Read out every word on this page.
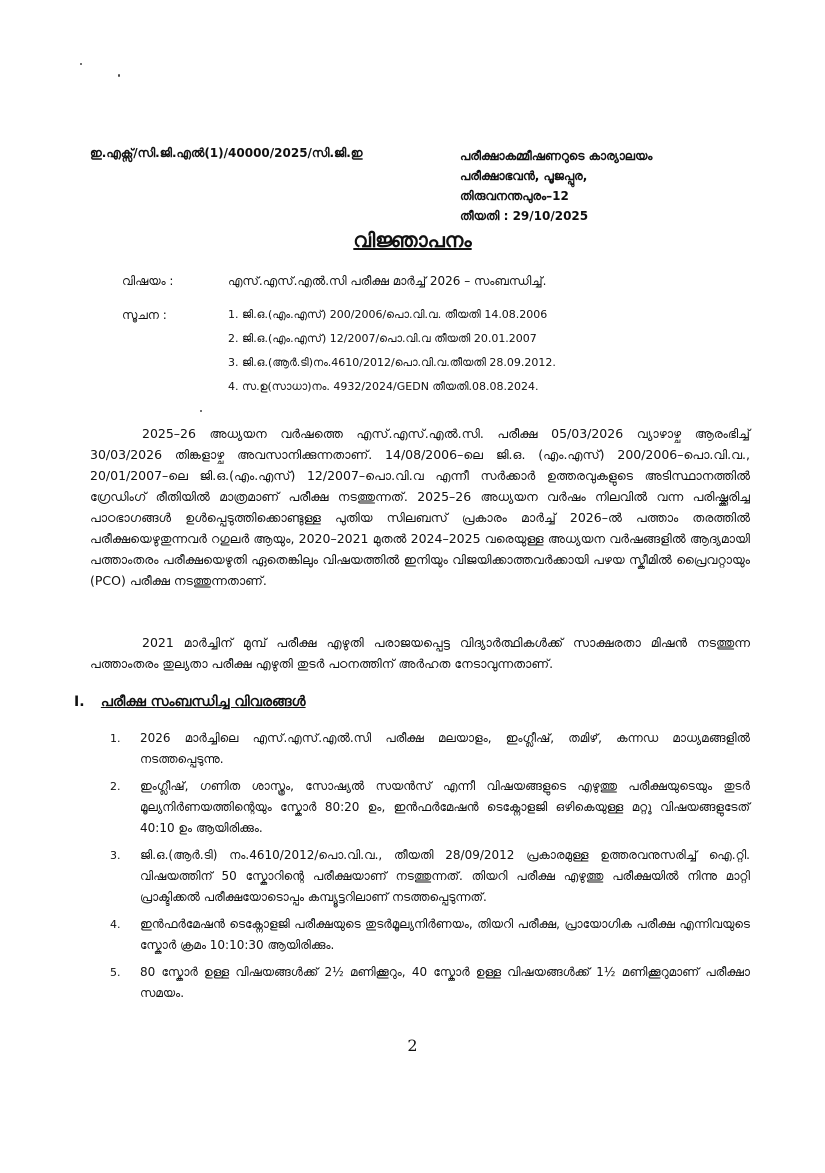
ഇ.എക്സ്/സി.ജി.എൽ(1)/40000/2025/സി.ജി.ഇ	പരീക്ഷാകമ്മീഷണറുടെ കാര്യാലയം
പരീക്ഷാഭവൻ, പൂജപ്പുര,
തിരുവനന്തപുരം–12
തീയതി : 29/10/2025
വിജ്ഞാപനം
വിഷയം :	എസ്.എസ്.എൽ.സി പരീക്ഷ മാർച്ച് 2026 – സംബന്ധിച്ച്.
സൂചന :	1. ജി.ഒ.(എം.എസ്) 200/2006/പൊ.വി.വ. തീയതി 14.08.2006
2. ജി.ഒ.(എം.എസ്) 12/2007/പൊ.വി.വ തീയതി 20.01.2007
3. ജി.ഒ.(ആർ.ടി)നം.4610/2012/പൊ.വി.വ.തീയതി 28.09.2012.
4. സ.ഉ(സാധാ)നം. 4932/2024/GEDN തീയതി.08.08.2024.

2025–26 അധ്യയന വർഷത്തെ എസ്.എസ്.എൽ.സി. പരീക്ഷ 05/03/2026 വ്യാഴാഴ്ച ആരംഭിച്ച് 30/03/2026 തിങ്കളാഴ്ച അവസാനിക്കുന്നതാണ്. 14/08/2006–ലെ ജി.ഒ. (എം.എസ്) 200/2006–പൊ.വി.വ., 20/01/2007–ലെ ജി.ഒ.(എം.എസ്) 12/2007–പൊ.വി.വ എന്നീ സർക്കാർ ഉത്തരവുകളുടെ അടിസ്ഥാനത്തിൽ ഗ്രേഡിംഗ് രീതിയിൽ മാത്രമാണ് പരീക്ഷ നടത്തുന്നത്. 2025–26 അധ്യയന വർഷം നിലവിൽ വന്ന പരിഷ്ക്കരിച്ച പാഠഭാഗങ്ങൾ ഉൾപ്പെടുത്തിക്കൊണ്ടുള്ള പുതിയ സിലബസ് പ്രകാരം മാർച്ച് 2026–ൽ പത്താം തരത്തിൽ പരീക്ഷയെഴുതുന്നവർ റഗുലർ ആയും, 2020–2021 മുതൽ 2024–2025 വരെയുള്ള അധ്യയന വർഷങ്ങളിൽ ആദ്യമായി പത്താംതരം പരീക്ഷയെഴുതി ഏതെങ്കിലും വിഷയത്തിൽ ഇനിയും വിജയിക്കാത്തവർക്കായി പഴയ സ്കീമിൽ പ്രൈവറ്റായും (PCO) പരീക്ഷ നടത്തുന്നതാണ്.

2021 മാർച്ചിന് മുമ്പ് പരീക്ഷ എഴുതി പരാജയപ്പെട്ട വിദ്യാർത്ഥികൾക്ക് സാക്ഷരതാ മിഷൻ നടത്തുന്ന പത്താംതരം തുല്യതാ പരീക്ഷ എഴുതി തുടർ പഠനത്തിന് അർഹത നേടാവുന്നതാണ്.

I. പരീക്ഷ സംബന്ധിച്ച വിവരങ്ങൾ
1.	2026 മാർച്ചിലെ എസ്.എസ്.എൽ.സി പരീക്ഷ മലയാളം, ഇംഗ്ലീഷ്, തമിഴ്, കന്നഡ മാധ്യമങ്ങളിൽ നടത്തപ്പെടുന്നു.
2.	ഇംഗ്ലീഷ്, ഗണിത ശാസ്ത്രം, സോഷ്യൽ സയൻസ് എന്നീ വിഷയങ്ങളുടെ എഴുത്തു പരീക്ഷയുടെയും തുടർ മൂല്യനിർണയത്തിന്റെയും സ്കോർ 80:20 ഉം, ഇൻഫർമേഷൻ ടെക്നോളജി ഒഴികെയുള്ള മറ്റു വിഷയങ്ങളുടേത് 40:10 ഉം ആയിരിക്കും.
3.	ജി.ഒ.(ആർ.ടി) നം.4610/2012/പൊ.വി.വ., തീയതി 28/09/2012 പ്രകാരമുള്ള ഉത്തരവനുസരിച്ച് ഐ.റ്റി. വിഷയത്തിന് 50 സ്കോറിന്റെ പരീക്ഷയാണ് നടത്തുന്നത്. തിയറി പരീക്ഷ എഴുത്തു പരീക്ഷയിൽ നിന്നു മാറ്റി പ്രാക്ടിക്കൽ പരീക്ഷയോടൊപ്പം കമ്പ്യൂട്ടറിലാണ് നടത്തപ്പെടുന്നത്.
4.	ഇൻഫർമേഷൻ ടെക്നോളജി പരീക്ഷയുടെ തുടർമൂല്യനിർണയം, തിയറി പരീക്ഷ, പ്രായോഗിക പരീക്ഷ എന്നിവയുടെ സ്കോർ ക്രമം 10:10:30 ആയിരിക്കും.
5.	80 സ്കോർ ഉള്ള വിഷയങ്ങൾക്ക് 2½ മണിക്കൂറും, 40 സ്കോർ ഉള്ള വിഷയങ്ങൾക്ക് 1½ മണിക്കൂറുമാണ് പരീക്ഷാ സമയം.
2
